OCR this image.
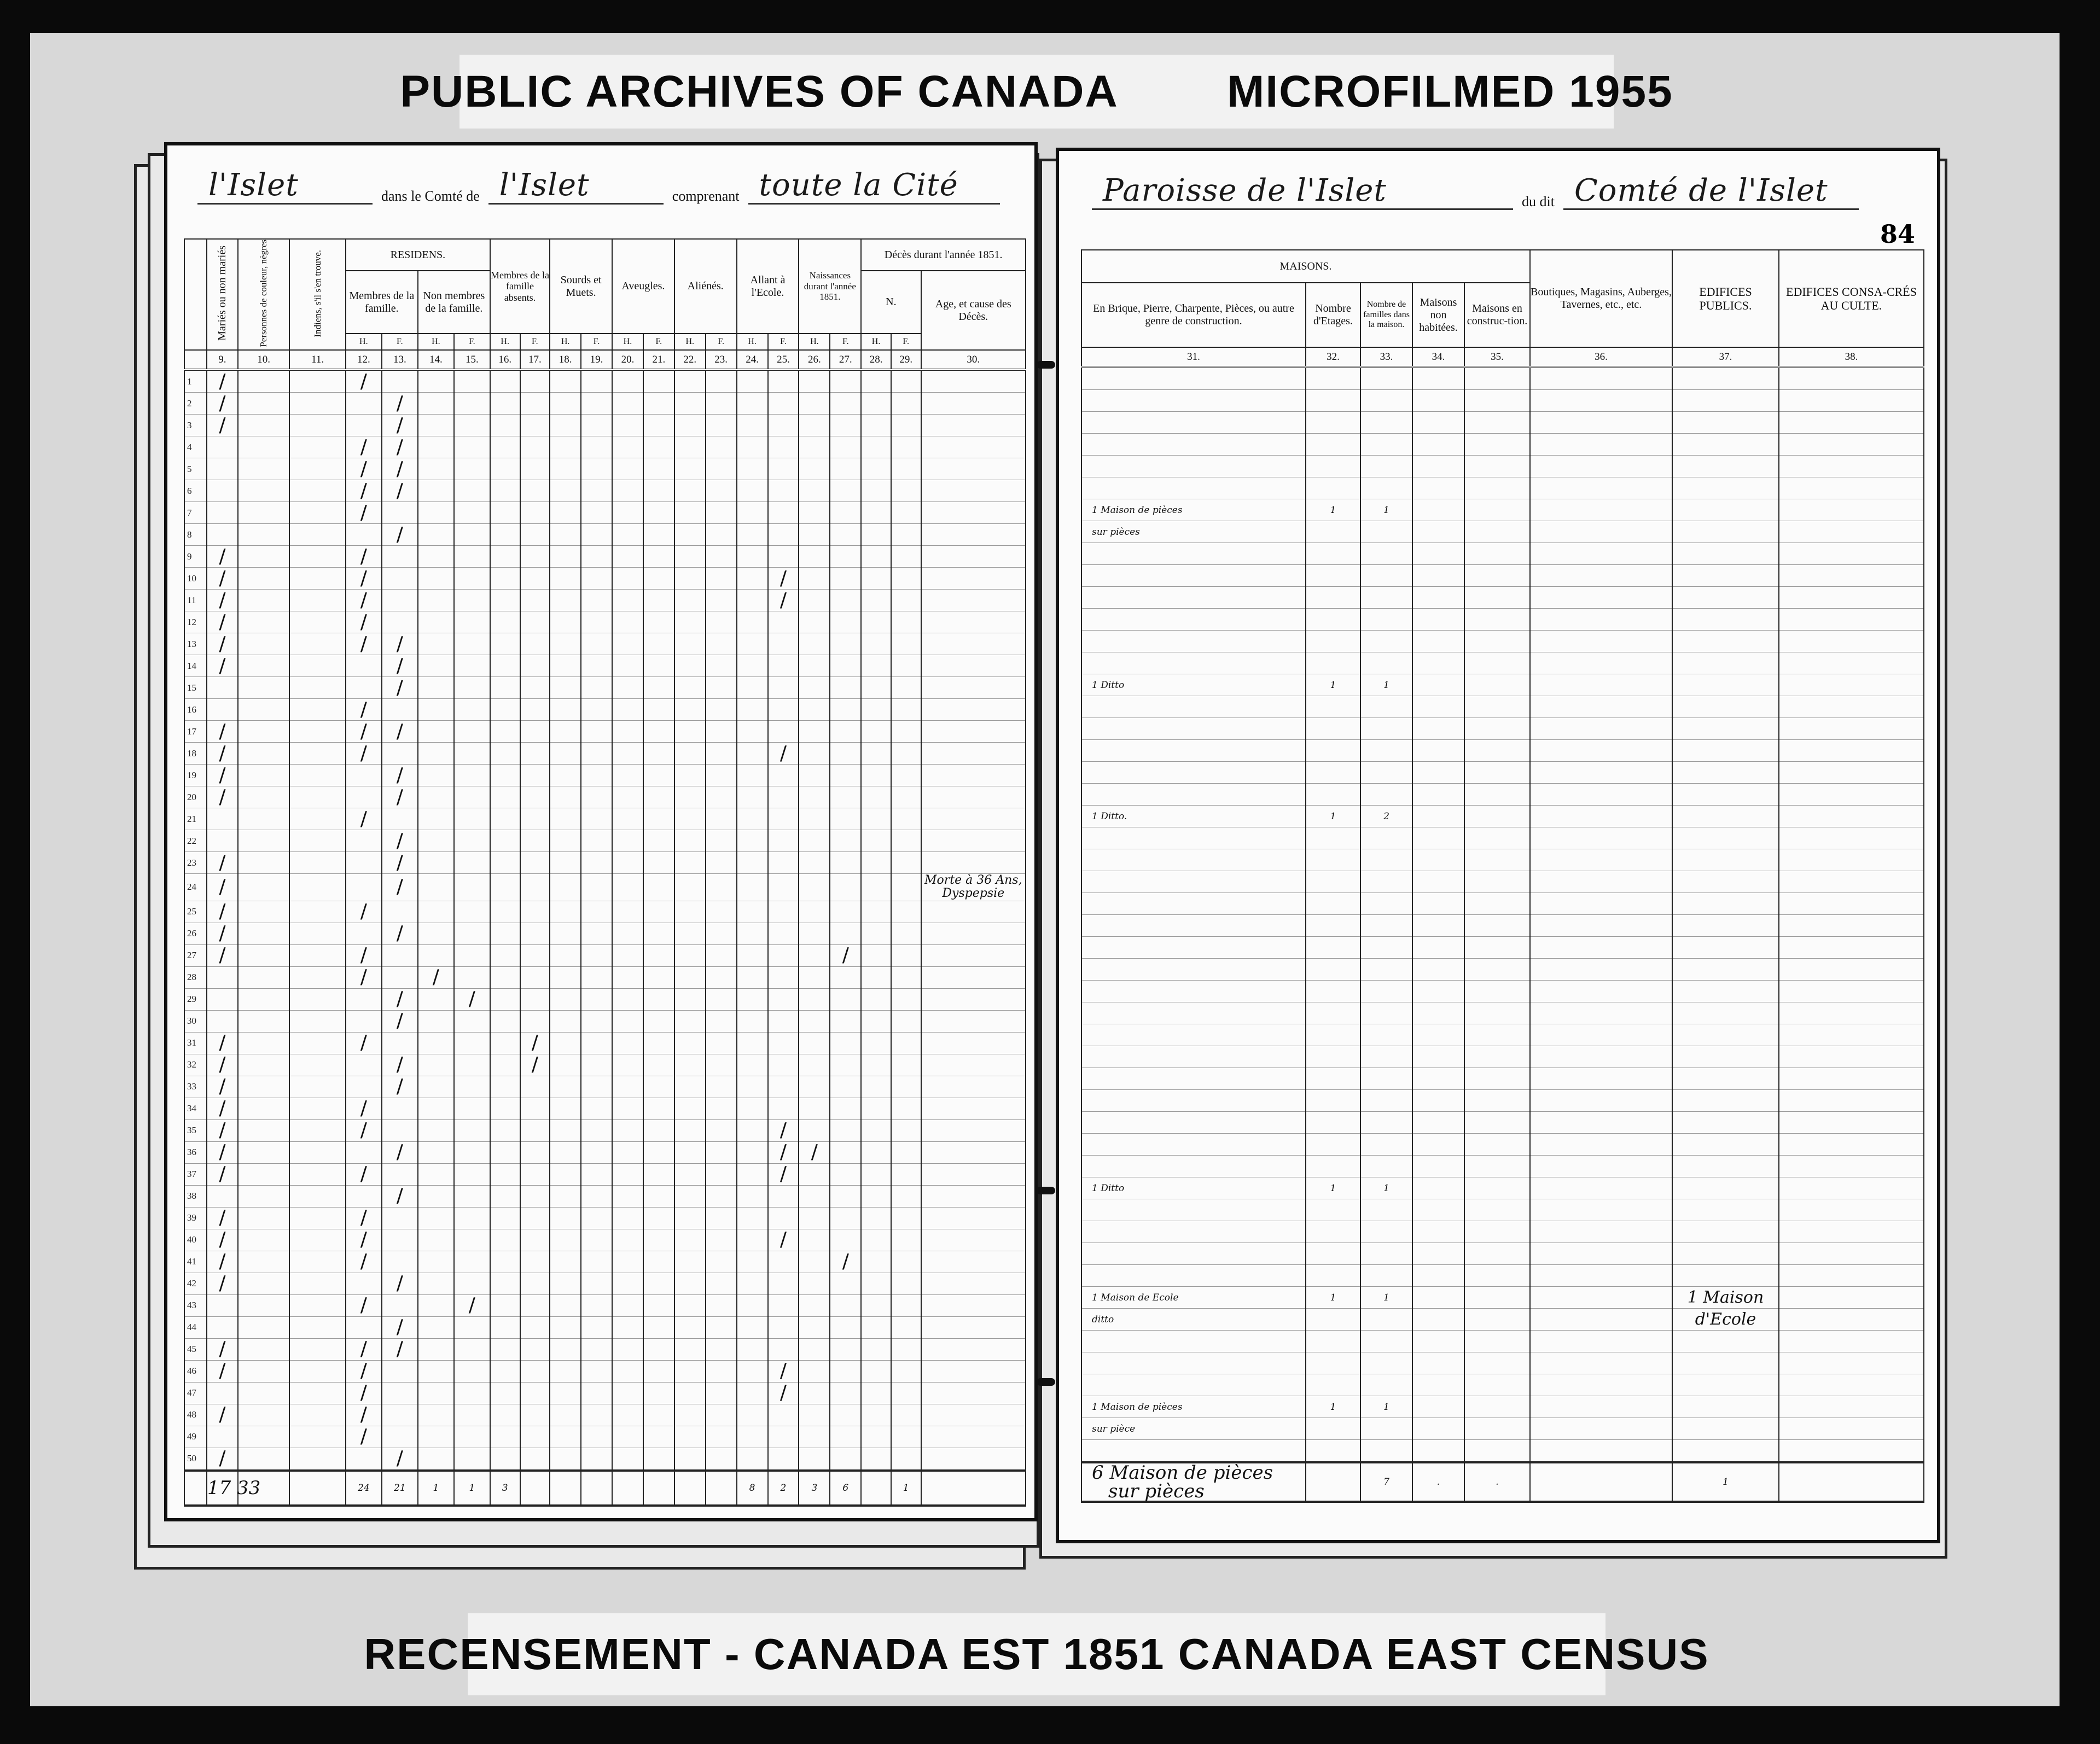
PUBLIC ARCHIVES OF CANADA
MICROFILMED 1955
l'Islet	dans le Comté de l'Islet	comprenant toute la Cité
	Mariés ou non mariés	Personnes de couleur, nègres	Indiens, s'il s'en trouve.	RESIDENS.				Membres de la famille absents.		Sourds et Muets.		Aveugles.		Aliénés.		Allant à l'Ecole.		Naissances durant l'année 1851.		Décès durant l'année 1851.		
				Membres de la famille.		Non membres de la famille.														N.		Age, et cause des Décès.
				H.	F.	H.	F.	H.	F.	H.	F.	H.	F.	H.	F.	H.	F.	H.	F.	H.	F.	
	9.	10.	11.	12.	13.	14.	15.	16.	17.	18.	19.	20.	21.	22.	23.	24.	25.	26.	27.	28.	29.	30.
1	/			/																		
2	/				/																	
3	/				/																	
4				/	/																	
5				/	/																	
6				/	/																	
7				/																		
8					/																	
9	/			/																		
10	/			/													/					
11	/			/													/					
12	/			/																		
13	/			/	/																	
14	/				/																	
15					/																	
16				/																		
17	/			/	/																	
18	/			/													/					
19	/				/																	
20	/				/																	
21				/																		
22					/																	
23	/				/																	
24	/				/																	Morte à 36 Ans, Dyspepsie
25	/			/																		
26	/				/																	
27	/			/															/			
28				/		/																
29					/		/															
30					/																	
31	/			/					/													
32	/				/				/													
33	/				/																	
34	/			/																		
35	/			/													/					
36	/				/												/	/				
37	/			/													/					
38					/																	
39	/			/																		
40	/			/													/					
41	/			/															/			
42	/				/																	
43				/			/															
44					/																	
45	/			/	/																	
46	/			/													/					
47				/													/					
48	/			/																		
49				/																		
50	/				/																	
	17 33			24	21	1	1	3								8	2	3	6		1	
84
Paroisse de l'Islet	du dit Comté de l'Islet
MAISONS.					Boutiques, Magasins, Auberges, Tavernes, etc., etc.	EDIFICES PUBLICS.	EDIFICES CONSA-CRÉS AU CULTE.
En Brique, Pierre, Charpente, Pièces, ou autre genre de construction.	Nombre d'Etages.	Nombre de familles dans la maison.	Maisons non habitées.	Maisons en construc-tion.			
31.	32.	33.	34.	35.	36.	37.	38.

1 Maison de pièces	1	1					
sur pièces							

1 Ditto	1	1					

1 Ditto.	1	2					

1 Ditto	1	1					

1 Maison de Ecole	1	1				1 Maison	
ditto						d'Ecole	

1 Maison de pièces	1	1					
sur pièce							

6 Maison de pièces
sur pièces		7	.	.		1	
RECENSEMENT - CANADA EST 1851 CANADA EAST CENSUS
